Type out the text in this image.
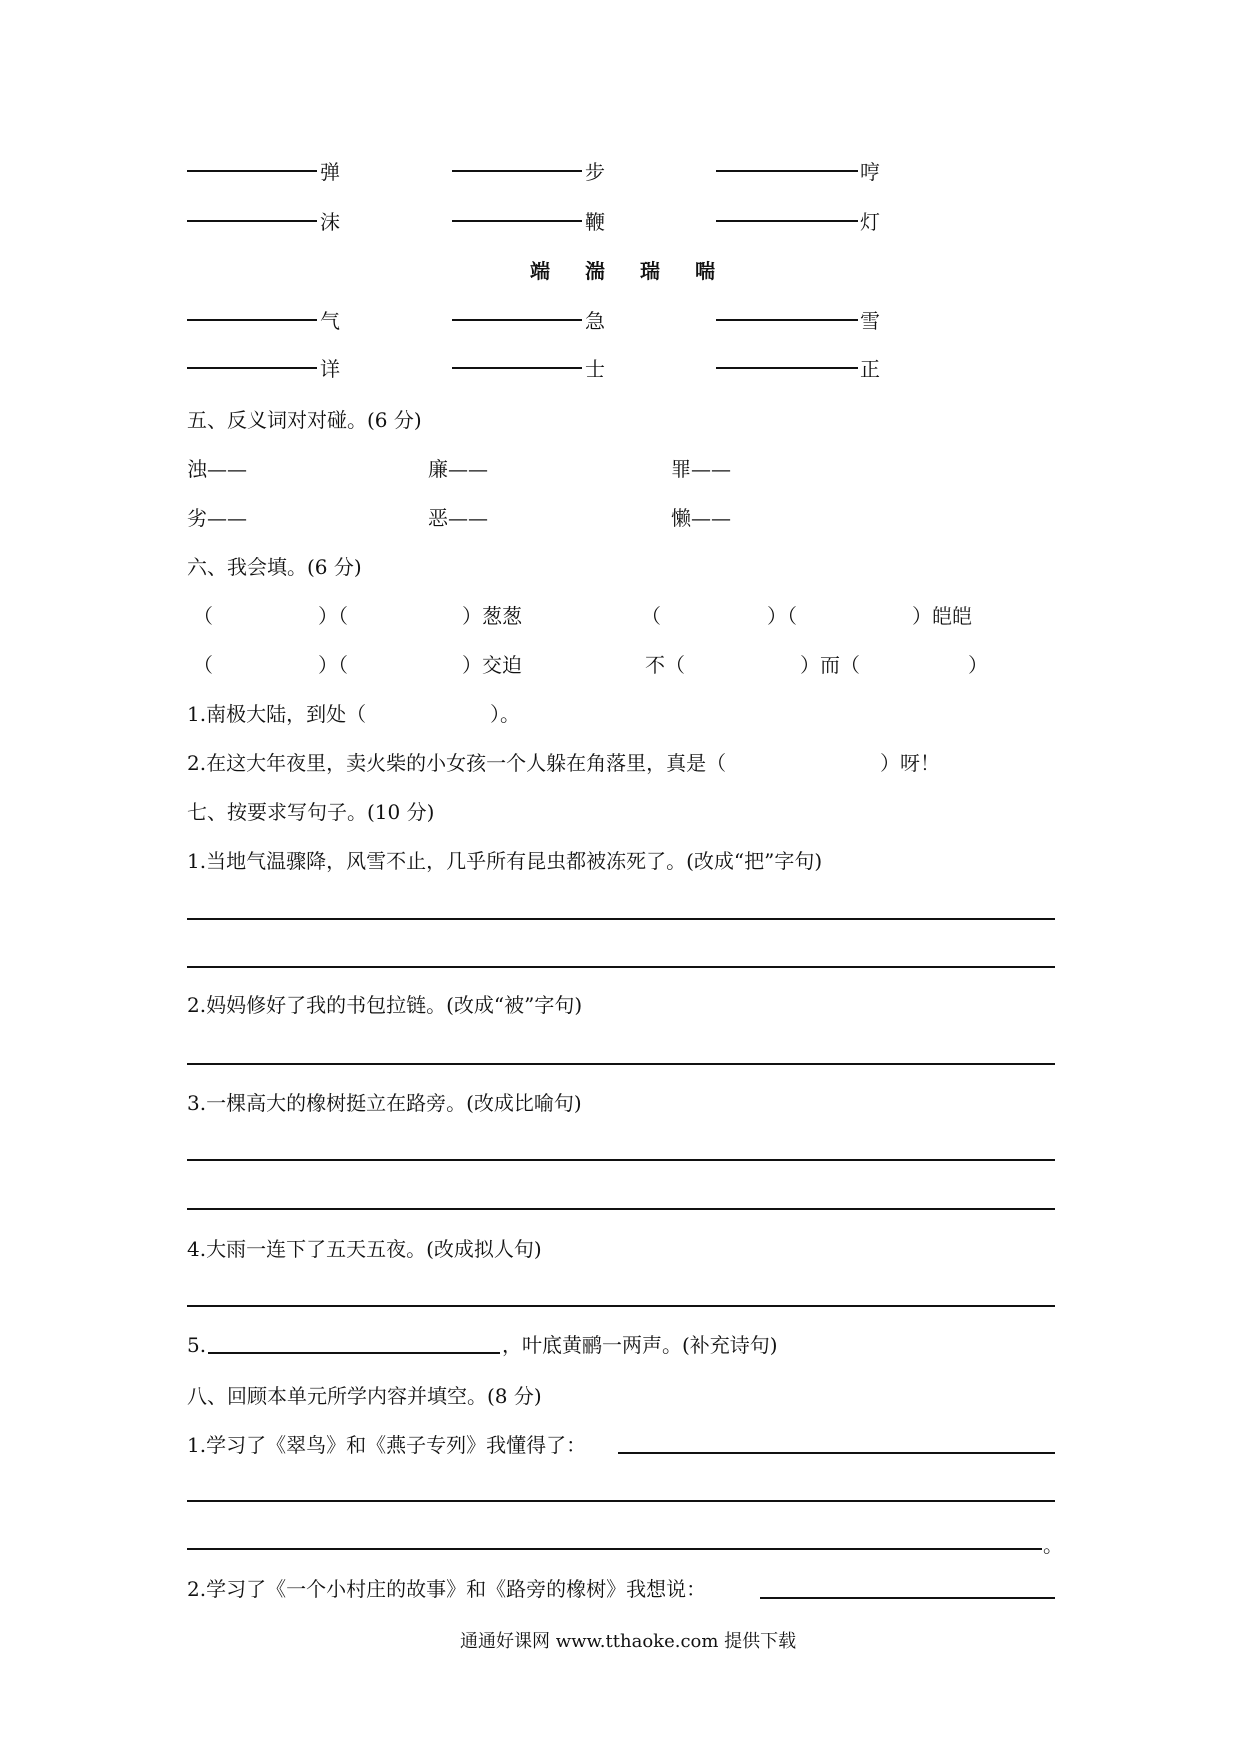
弹	步	哼
沫	鞭	灯
端 湍 瑞 喘
气	急	雪
详	士	正
五、反义词对对碰。(6 分)
浊——	廉——	罪——
劣——	恶——	懒——
六、我会填。(6 分)
（	）（	）葱葱	（	）（	）皑皑
（	）（	）交迫	不（	）而（	）
1.南极大陆，到处（	）。
2.在这大年夜里，卖火柴的小女孩一个人躲在角落里，真是（	）呀！
七、按要求写句子。(10 分)
1.当地气温骤降，风雪不止，几乎所有昆虫都被冻死了。(改成“把”字句)
2.妈妈修好了我的书包拉链。(改成“被”字句)
3.一棵高大的橡树挺立在路旁。(改成比喻句)
4.大雨一连下了五天五夜。(改成拟人句)
5.	，叶底黄鹂一两声。(补充诗句)
八、回顾本单元所学内容并填空。(8 分)
1.学习了《翠鸟》和《燕子专列》我懂得了：
。
2.学习了《一个小村庄的故事》和《路旁的橡树》我想说：
通通好课网 www.tthaoke.com 提供下载
